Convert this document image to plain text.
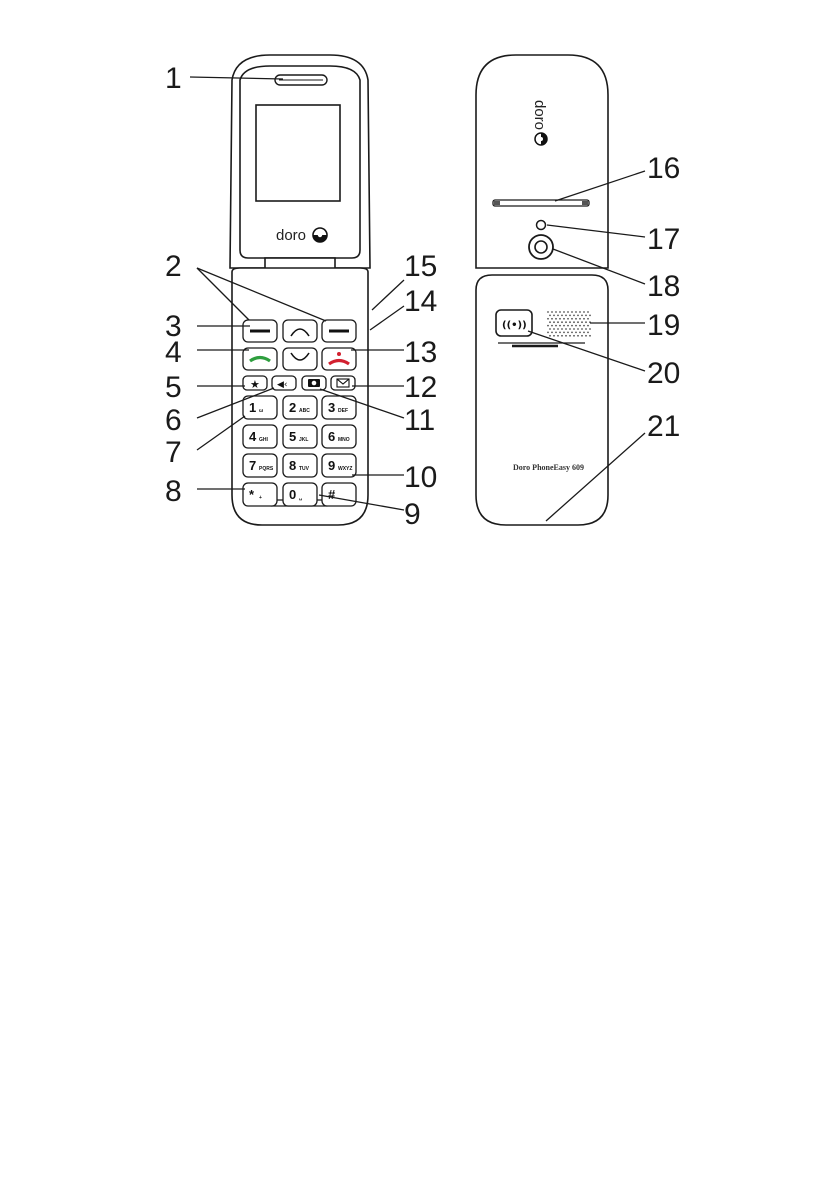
doro
★ ◀︎‹
1 ω 2 ABC 3 DEF
4 GHI 5 JKL 6 MNO
7 PQRS 8 TUV 9 WXYZ
* + 0 ␣ #
doro
((•))
Doro PhoneEasy 609
1
2
3
4
5
6
7
8
9
10
11
12
13
14
15
16
17
18
19
20
21
